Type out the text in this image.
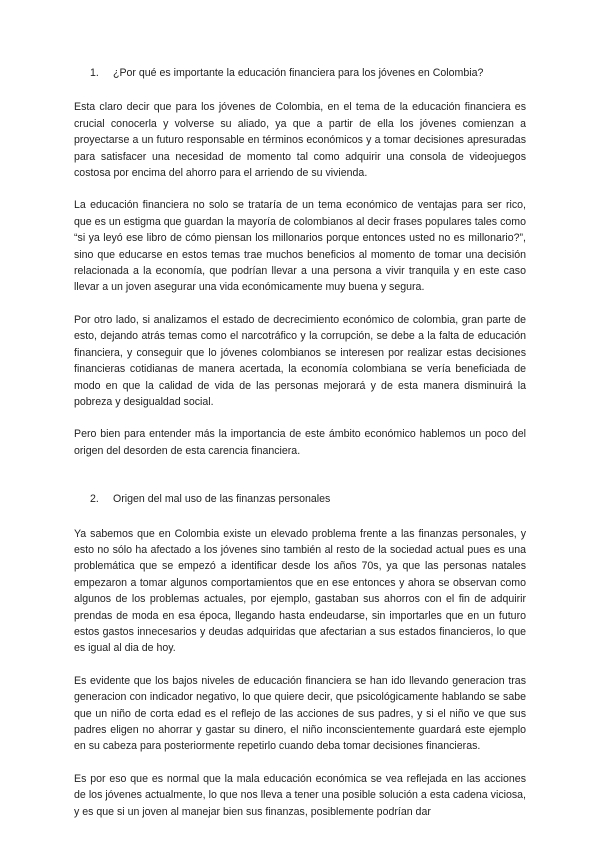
1. ¿Por qué es importante la educación financiera para los jóvenes en Colombia?

Esta claro decir que para los jóvenes de Colombia, en el tema de la educación financiera es crucial conocerla y volverse su aliado, ya que a partir de ella los jóvenes comienzan a proyectarse a un futuro responsable en términos económicos y a tomar decisiones apresuradas para satisfacer una necesidad de momento tal como adquirir una consola de videojuegos costosa por encima del ahorro para el arriendo de su vivienda.

La educación financiera no solo se trataría de un tema económico de ventajas para ser rico, que es un estigma que guardan la mayoría de colombianos al decir frases populares tales como “si ya leyó ese libro de cómo piensan los millonarios porque entonces usted no es millonario?”, sino que educarse en estos temas trae muchos beneficios al momento de tomar una decisión relacionada a la economía, que podrían llevar a una persona a vivir tranquila y en este caso llevar a un joven asegurar una vida económicamente muy buena y segura.

Por otro lado, si analizamos el estado de decrecimiento económico de colombia, gran parte de esto, dejando atrás temas como el narcotráfico y la corrupción, se debe a la falta de educación financiera, y conseguir que lo jóvenes colombianos se interesen por realizar estas decisiones financieras cotidianas de manera acertada, la economía colombiana se vería beneficiada de modo en que la calidad de vida de las personas mejorará y de esta manera disminuirá la pobreza y desigualdad social.

Pero bien para entender más la importancia de este ámbito económico hablemos un poco del origen del desorden de esta carencia financiera.

2. Origen del mal uso de las finanzas personales

Ya sabemos que en Colombia existe un elevado problema frente a las finanzas personales, y esto no sólo ha afectado a los jóvenes sino también al resto de la sociedad actual pues es una problemática que se empezó a identificar desde los años 70s, ya que las personas natales empezaron a tomar algunos comportamientos que en ese entonces y ahora se observan como algunos de los problemas actuales, por ejemplo, gastaban sus ahorros con el fin de adquirir prendas de moda en esa época, llegando hasta endeudarse, sin importarles que en un futuro estos gastos innecesarios y deudas adquiridas que afectarian a sus estados financieros, lo que es igual al dia de hoy.

Es evidente que los bajos niveles de educación financiera se han ido llevando generacion tras generacion con indicador negativo, lo que quiere decir, que psicológicamente hablando se sabe que un niño de corta edad es el reflejo de las acciones de sus padres, y si el niño ve que sus padres eligen no ahorrar y gastar su dinero, el niño inconscientemente guardará este ejemplo en su cabeza para posteriormente repetirlo cuando deba tomar decisiones financieras.

Es por eso que es normal que la mala educación económica se vea reflejada en las acciones de los jóvenes actualmente, lo que nos lleva a tener una posible solución a esta cadena viciosa, y es que si un joven al manejar bien sus finanzas, posiblemente podrían dar
